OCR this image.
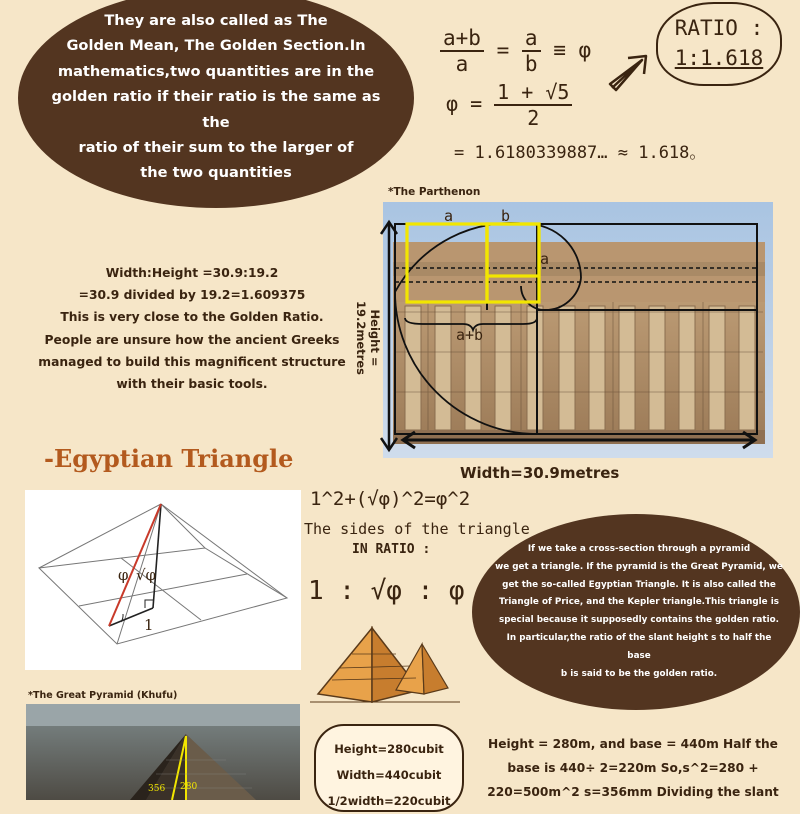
They are also called as The
Golden Mean, The Golden Section.In
mathematics,two quantities are in the
golden ratio if their ratio is the same as the
ratio of their sum to the larger of
the two quantities
$\frac{a+b}{a} = \frac{a}{b} \equiv \varphi$
$\varphi = \frac{1 + √5}{2}$
= 1.6180339887… ≈ 1.618。
RATIO :
1:1.618
*The Parthenon
a	b
a
a+b
Height = 19.2metres
Width=30.9metres
Width:Height =30.9:19.2
=30.9 divided by 19.2=1.609375
This is very close to the Golden Ratio.
People are unsure how the ancient Greeks
managed to build this magnificent structure
with their basic tools.
-Egyptian Triangle
φ √φ
1
1^2+(√φ)^2=φ^2
The sides of the triangle
IN RATIO :
1 : √φ : φ
If we take a cross-section through a pyramid
we get a triangle. If the pyramid is the Great Pyramid, we
get the so-called Egyptian Triangle. It is also called the
Triangle of Price, and the Kepler triangle.This triangle is
special because it supposedly contains the golden ratio.
In particular,the ratio of the slant height s to half the base
b is said to be the golden ratio.
*The Great Pyramid (Khufu)
356 280
Height=280cubit
Width=440cubit
1/2width=220cubit
Height = 280m, and base = 440m Half the
base is 440÷ 2=220m So,s^2=280 +
220=500m^2 s=356mm Dividing the slant
